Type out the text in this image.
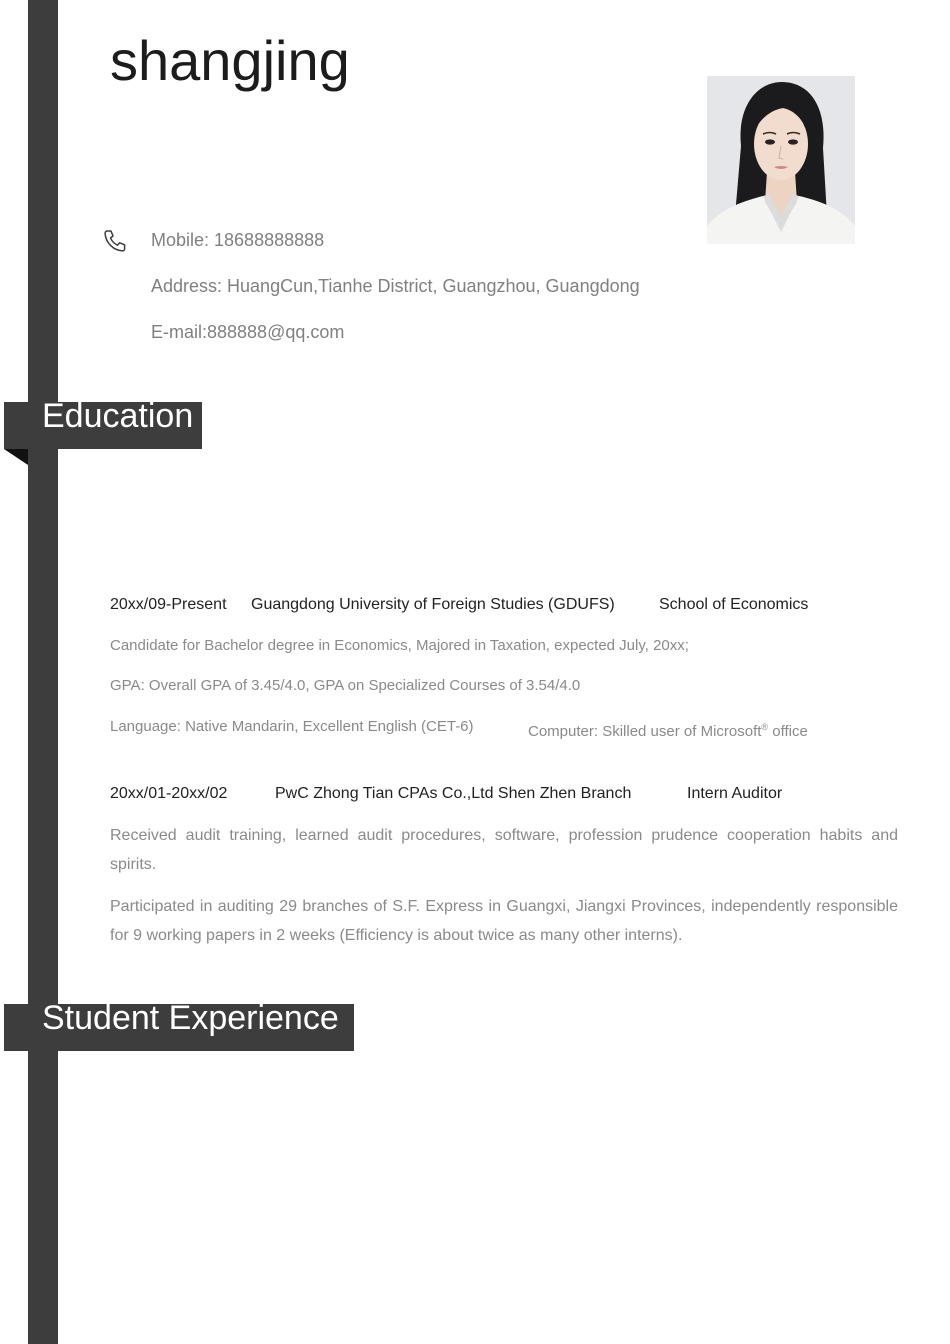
shangjing
Mobile: 18688888888
Address: HuangCun,Tianhe District, Guangzhou, Guangdong
E-mail:888888@qq.com
Education
20xx/09-Present Guangdong University of Foreign Studies (GDUFS)	School of Economics
Candidate for Bachelor degree in Economics, Majored in Taxation, expected July, 20xx;
GPA: Overall GPA of 3.45/4.0, GPA on Specialized Courses of 3.54/4.0
Language: Native Mandarin, Excellent English (CET-6)	Computer: Skilled user of Microsoft® office
20xx/01-20xx/02	PwC Zhong Tian CPAs Co.,Ltd Shen Zhen Branch	Intern Auditor
Received audit training, learned audit procedures, software, profession prudence cooperation habits and spirits.
Participated in auditing 29 branches of S.F. Express in Guangxi, Jiangxi Provinces, independently responsible for 9 working papers in 2 weeks (Efficiency is about twice as many other interns).
Student Experience
